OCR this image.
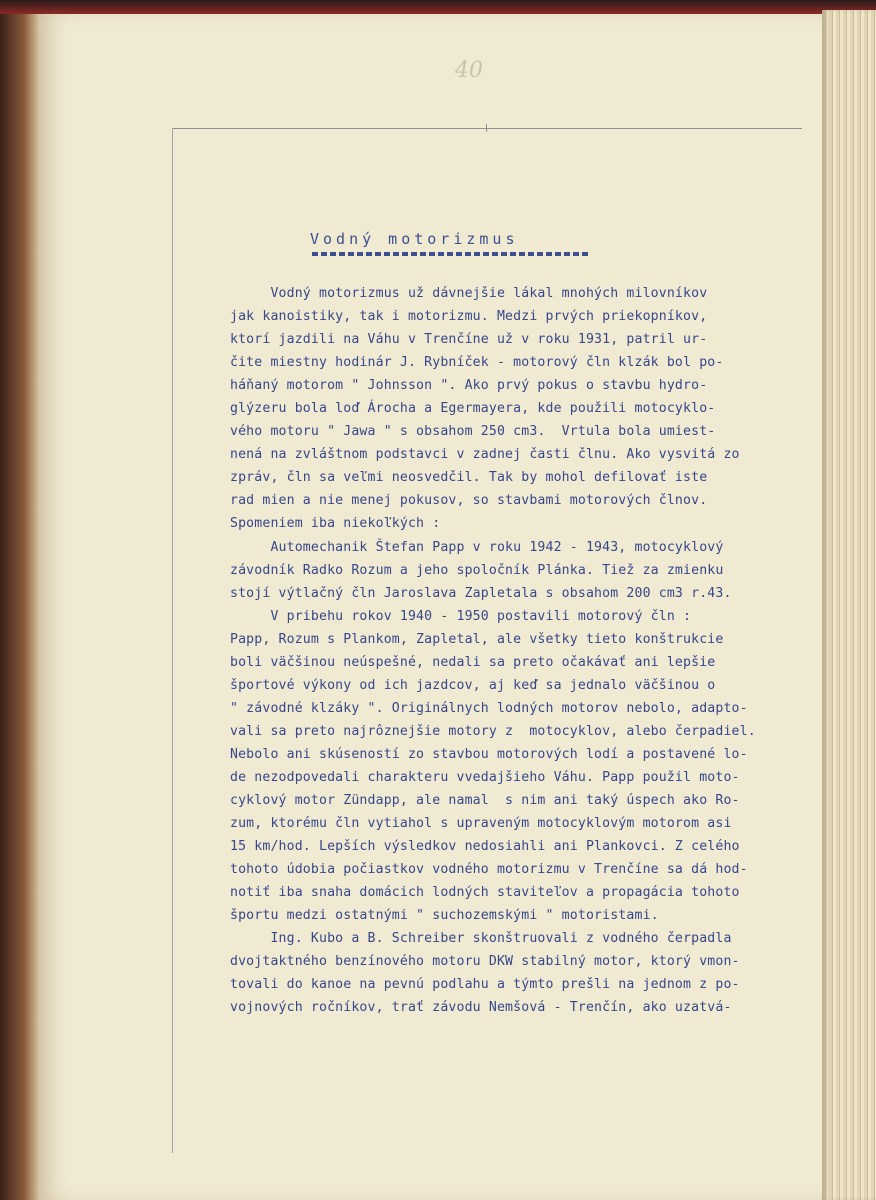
40
Vodný motorizmus
Vodný motorizmus už dávnejšie lákal mnohých milovníkov
jak kanoistiky, tak i motorizmu. Medzi prvých priekopníkov,
ktorí jazdili na Váhu v Trenčíne už v roku 1931, patril ur-
čite miestny hodinár J. Rybníček - motorový čln klzák bol po-
háňaný motorom " Johnsson ". Ako prvý pokus o stavbu hydro-
glýzeru bola loď Árocha a Egermayera, kde použili motocyklo-
vého motoru " Jawa " s obsahom 250 cm3.  Vrtula bola umiest-
nená na zvláštnom podstavci v zadnej časti člnu. Ako vysvitá zo
zpráv, čln sa veľmi neosvedčil. Tak by mohol defilovať iste
rad mien a nie menej pokusov, so stavbami motorových člnov.
Spomeniem iba niekoľkých :
Automechanik Štefan Papp v roku 1942 - 1943, motocyklový
závodník Radko Rozum a jeho spoločník Plánka. Tiež za zmienku
stojí výtlačný čln Jaroslava Zapletala s obsahom 200 cm3 r.43.
V pribehu rokov 1940 - 1950 postavili motorový čln :
Papp, Rozum s Plankom, Zapletal, ale všetky tieto konštrukcie
boli väčšinou neúspešné, nedali sa preto očakávať ani lepšie
športové výkony od ich jazdcov, aj keď sa jednalo väčšinou o
" závodné klzáky ". Originálnych lodných motorov nebolo, adapto-
vali sa preto najrôznejšie motory z  motocyklov, alebo čerpadiel.
Nebolo ani skúseností zo stavbou motorových lodí a postavené lo-
de nezodpovedali charakteru vvedajšieho Váhu. Papp použil moto-
cyklový motor Zündapp, ale namal  s nim ani taký úspech ako Ro-
zum, ktorému čln vytiahol s upraveným motocyklovým motorom asi
15 km/hod. Lepších výsledkov nedosiahli ani Plankovci. Z celého
tohoto údobia počiastkov vodného motorizmu v Trenčíne sa dá hod-
notiť iba snaha domácich lodných staviteľov a propagácia tohoto
športu medzi ostatnými " suchozemskými " motoristami.
Ing. Kubo a B. Schreiber skonštruovali z vodného čerpadla
dvojtaktného benzínového motoru DKW stabilný motor, ktorý vmon-
tovali do kanoe na pevnú podlahu a týmto prešli na jednom z po-
vojnových ročníkov, trať závodu Nemšová - Trenčín, ako uzatvá-
